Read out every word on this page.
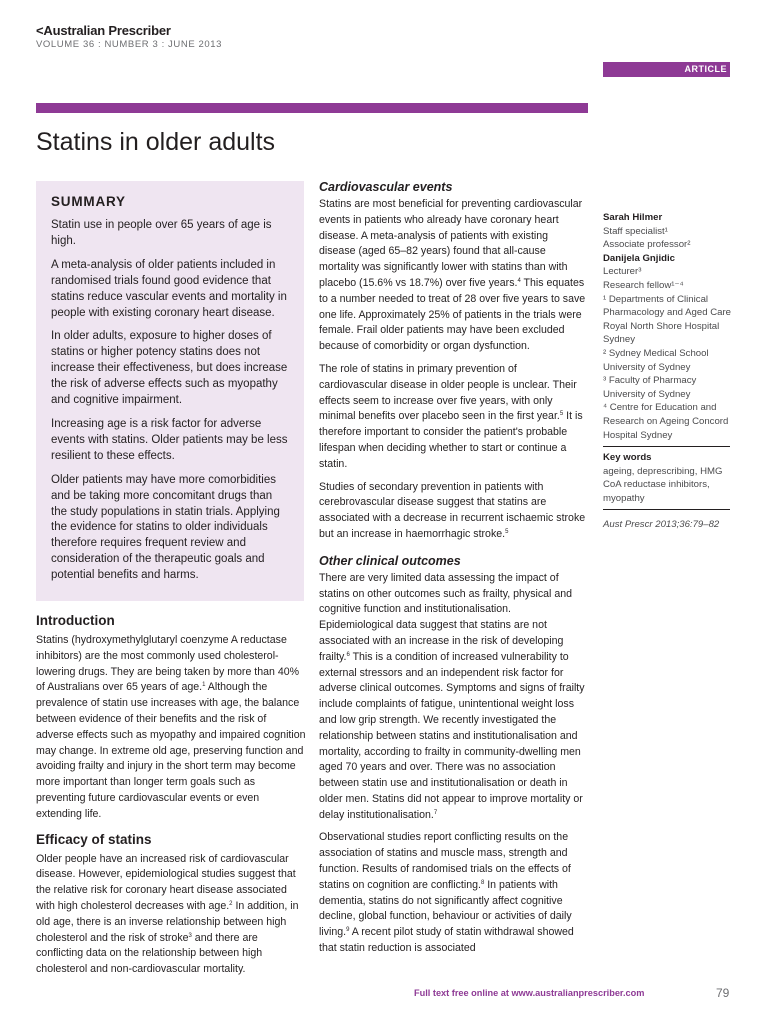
<Australian Prescriber
VOLUME 36 : NUMBER 3 : JUNE 2013
ARTICLE
Statins in older adults
SUMMARY

Statin use in people over 65 years of age is high.

A meta-analysis of older patients included in randomised trials found good evidence that statins reduce vascular events and mortality in people with existing coronary heart disease.

In older adults, exposure to higher doses of statins or higher potency statins does not increase their effectiveness, but does increase the risk of adverse effects such as myopathy and cognitive impairment.

Increasing age is a risk factor for adverse events with statins. Older patients may be less resilient to these effects.

Older patients may have more comorbidities and be taking more concomitant drugs than the study populations in statin trials. Applying the evidence for statins to older individuals therefore requires frequent review and consideration of the therapeutic goals and potential benefits and harms.

Introduction

Statins (hydroxymethylglutaryl coenzyme A reductase inhibitors) are the most commonly used cholesterol-lowering drugs. They are being taken by more than 40% of Australians over 65 years of age.$^1$ Although the prevalence of statin use increases with age, the balance between evidence of their benefits and the risk of adverse effects such as myopathy and impaired cognition may change. In extreme old age, preserving function and avoiding frailty and injury in the short term may become more important than longer term goals such as preventing future cardiovascular events or even extending life.

Efficacy of statins

Older people have an increased risk of cardiovascular disease. However, epidemiological studies suggest that the relative risk for coronary heart disease associated with high cholesterol decreases with age.$^2$ In addition, in old age, there is an inverse relationship between high cholesterol and the risk of stroke$^3$ and there are conflicting data on the relationship between high cholesterol and non-cardiovascular mortality.

Cardiovascular events

Statins are most beneficial for preventing cardiovascular events in patients who already have coronary heart disease. A meta-analysis of patients with existing disease (aged 65–82 years) found that all-cause mortality was significantly lower with statins than with placebo (15.6% vs 18.7%) over five years.$^4$ This equates to a number needed to treat of 28 over five years to save one life. Approximately 25% of patients in the trials were female. Frail older patients may have been excluded because of comorbidity or organ dysfunction.

The role of statins in primary prevention of cardiovascular disease in older people is unclear. Their effects seem to increase over five years, with only minimal benefits over placebo seen in the first year.$^5$ It is therefore important to consider the patient's probable lifespan when deciding whether to start or continue a statin.

Studies of secondary prevention in patients with cerebrovascular disease suggest that statins are associated with a decrease in recurrent ischaemic stroke but an increase in haemorrhagic stroke.$^5$

Other clinical outcomes

There are very limited data assessing the impact of statins on other outcomes such as frailty, physical and cognitive function and institutionalisation. Epidemiological data suggest that statins are not associated with an increase in the risk of developing frailty.$^6$ This is a condition of increased vulnerability to external stressors and an independent risk factor for adverse clinical outcomes. Symptoms and signs of frailty include complaints of fatigue, unintentional weight loss and low grip strength. We recently investigated the relationship between statins and institutionalisation and mortality, according to frailty in community-dwelling men aged 70 years and over. There was no association between statin use and institutionalisation or death in older men. Statins did not appear to improve mortality or delay institutionalisation.$^7$

Observational studies report conflicting results on the association of statins and muscle mass, strength and function. Results of randomised trials on the effects of statins on cognition are conflicting.$^8$ In patients with dementia, statins do not significantly affect cognitive decline, global function, behaviour or activities of daily living.$^9$ A recent pilot study of statin withdrawal showed that statin reduction is associated

Sarah Hilmer
Staff specialist¹
Associate professor²
Danijela Gnjidic
Lecturer³
Research fellow¹⁻⁴
¹ Departments of Clinical Pharmacology and Aged Care
Royal North Shore Hospital Sydney
² Sydney Medical School University of Sydney
³ Faculty of Pharmacy University of Sydney
⁴ Centre for Education and Research on Ageing Concord Hospital Sydney
Key words
ageing, deprescribing, HMG CoA reductase inhibitors, myopathy
Aust Prescr 2013;36:79–82
Full text free online at www.australianprescriber.com	79
